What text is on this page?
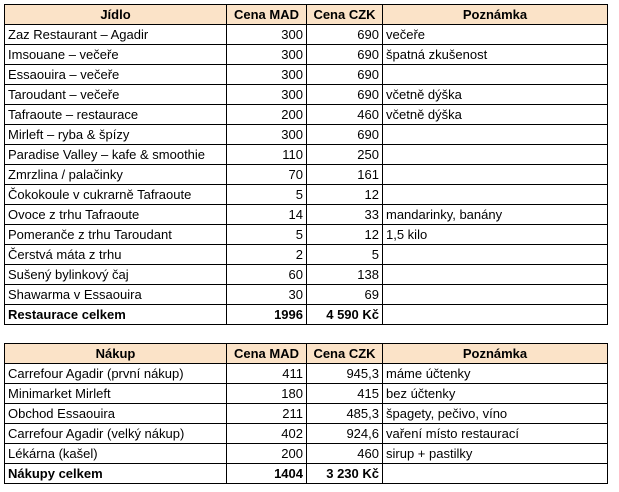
Jídlo	Cena MAD	Cena CZK	Poznámka
Zaz Restaurant – Agadir	300	690	večeře
Imsouane – večeře	300	690	špatná zkušenost
Essaouira – večeře	300	690	
Taroudant – večeře	300	690	včetně dýška
Tafraoute – restaurace	200	460	včetně dýška
Mirleft – ryba & špízy	300	690	
Paradise Valley – kafe & smoothie	110	250	
Zmrzlina / palačinky	70	161	
Čokokoule v cukrarně Tafraoute	5	12	
Ovoce z trhu Tafraoute	14	33	mandarinky, banány
Pomeranče z trhu Taroudant	5	12	1,5 kilo
Čerstvá máta z trhu	2	5	
Sušený bylinkový čaj	60	138	
Shawarma v Essaouira	30	69	
Restaurace celkem	1996	4 590 Kč	
Nákup	Cena MAD	Cena CZK	Poznámka
Carrefour Agadir (první nákup)	411	945,3	máme účtenky
Minimarket Mirleft	180	415	bez účtenky
Obchod Essaouira	211	485,3	špagety, pečivo, víno
Carrefour Agadir (velký nákup)	402	924,6	vaření místo restaurací
Lékárna (kašel)	200	460	sirup + pastilky
Nákupy celkem	1404	3 230 Kč	
